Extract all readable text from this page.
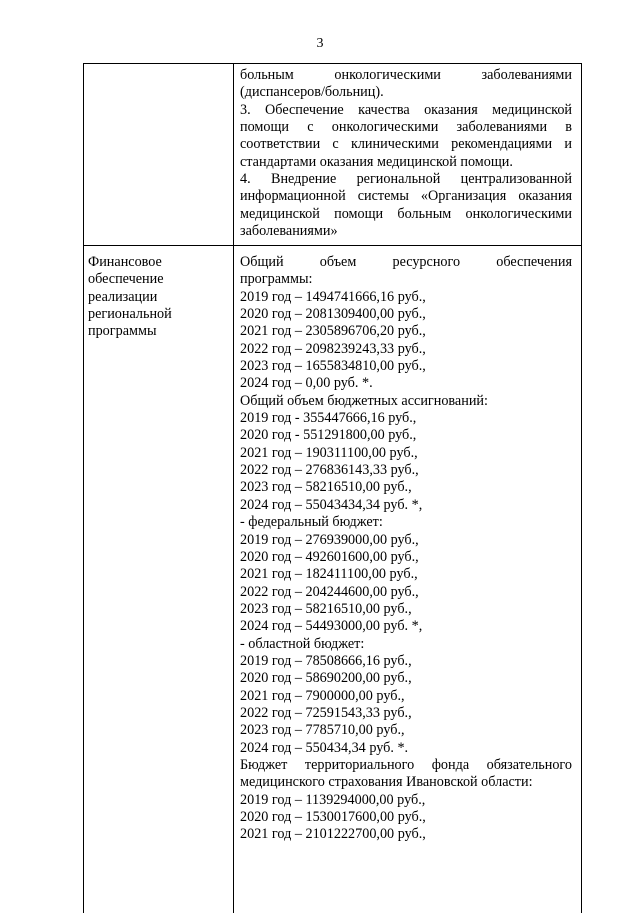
3
больным онкологическими заболеваниями
(диспансеров/больниц).
3. Обеспечение качества оказания медицинской
помощи с онкологическими заболеваниями в
соответствии с клиническими рекомендациями и
стандартами оказания медицинской помощи.
4. Внедрение региональной централизованной
информационной системы «Организация оказания
медицинской помощи больным онкологическими
заболеваниями»
Финансовое
обеспечение
реализации
региональной
программы
Общий объем ресурсного обеспечения
программы:
2019 год – 1494741666,16 руб.,
2020 год – 2081309400,00 руб.,
2021 год – 2305896706,20 руб.,
2022 год – 2098239243,33 руб.,
2023 год – 1655834810,00 руб.,
2024 год – 0,00 руб. *.
Общий объем бюджетных ассигнований:
2019 год - 355447666,16 руб.,
2020 год - 551291800,00 руб.,
2021 год – 190311100,00 руб.,
2022 год – 276836143,33 руб.,
2023 год – 58216510,00 руб.,
2024 год – 55043434,34 руб. *,
- федеральный бюджет:
2019 год – 276939000,00 руб.,
2020 год – 492601600,00 руб.,
2021 год – 182411100,00 руб.,
2022 год – 204244600,00 руб.,
2023 год – 58216510,00 руб.,
2024 год – 54493000,00 руб. *,
- областной бюджет:
2019 год – 78508666,16 руб.,
2020 год – 58690200,00 руб.,
2021 год – 7900000,00 руб.,
2022 год – 72591543,33 руб.,
2023 год – 7785710,00 руб.,
2024 год – 550434,34 руб. *.
Бюджет территориального фонда обязательного
медицинского страхования Ивановской области:
2019 год – 1139294000,00 руб.,
2020 год – 1530017600,00 руб.,
2021 год – 2101222700,00 руб.,
